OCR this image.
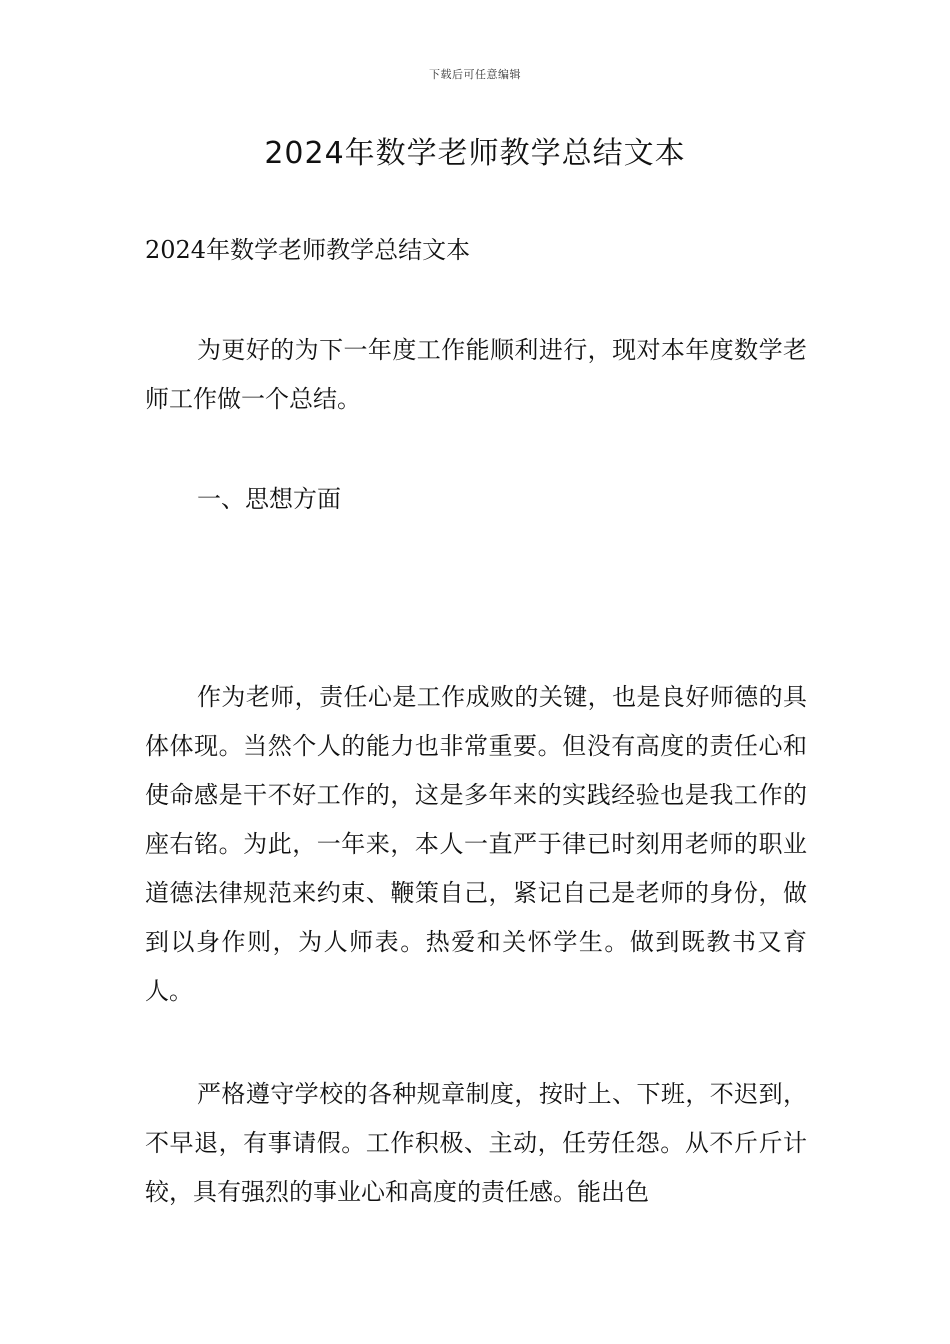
下载后可任意编辑
2024年数学老师教学总结文本

2024年数学老师教学总结文本

为更好的为下一年度工作能顺利进行，现对本年度数学老师工作做一个总结。

一、思想方面

作为老师，责任心是工作成败的关键，也是良好师德的具体体现。当然个人的能力也非常重要。但没有高度的责任心和使命感是干不好工作的，这是多年来的实践经验也是我工作的座右铭。为此，一年来，本人一直严于律已时刻用老师的职业道德法律规范来约束、鞭策自己，紧记自己是老师的身份，做到以身作则，为人师表。热爱和关怀学生。做到既教书又育人。

严格遵守学校的各种规章制度，按时上、下班，不迟到，不早退，有事请假。工作积极、主动，任劳任怨。从不斤斤计较，具有强烈的事业心和高度的责任感。能出色
